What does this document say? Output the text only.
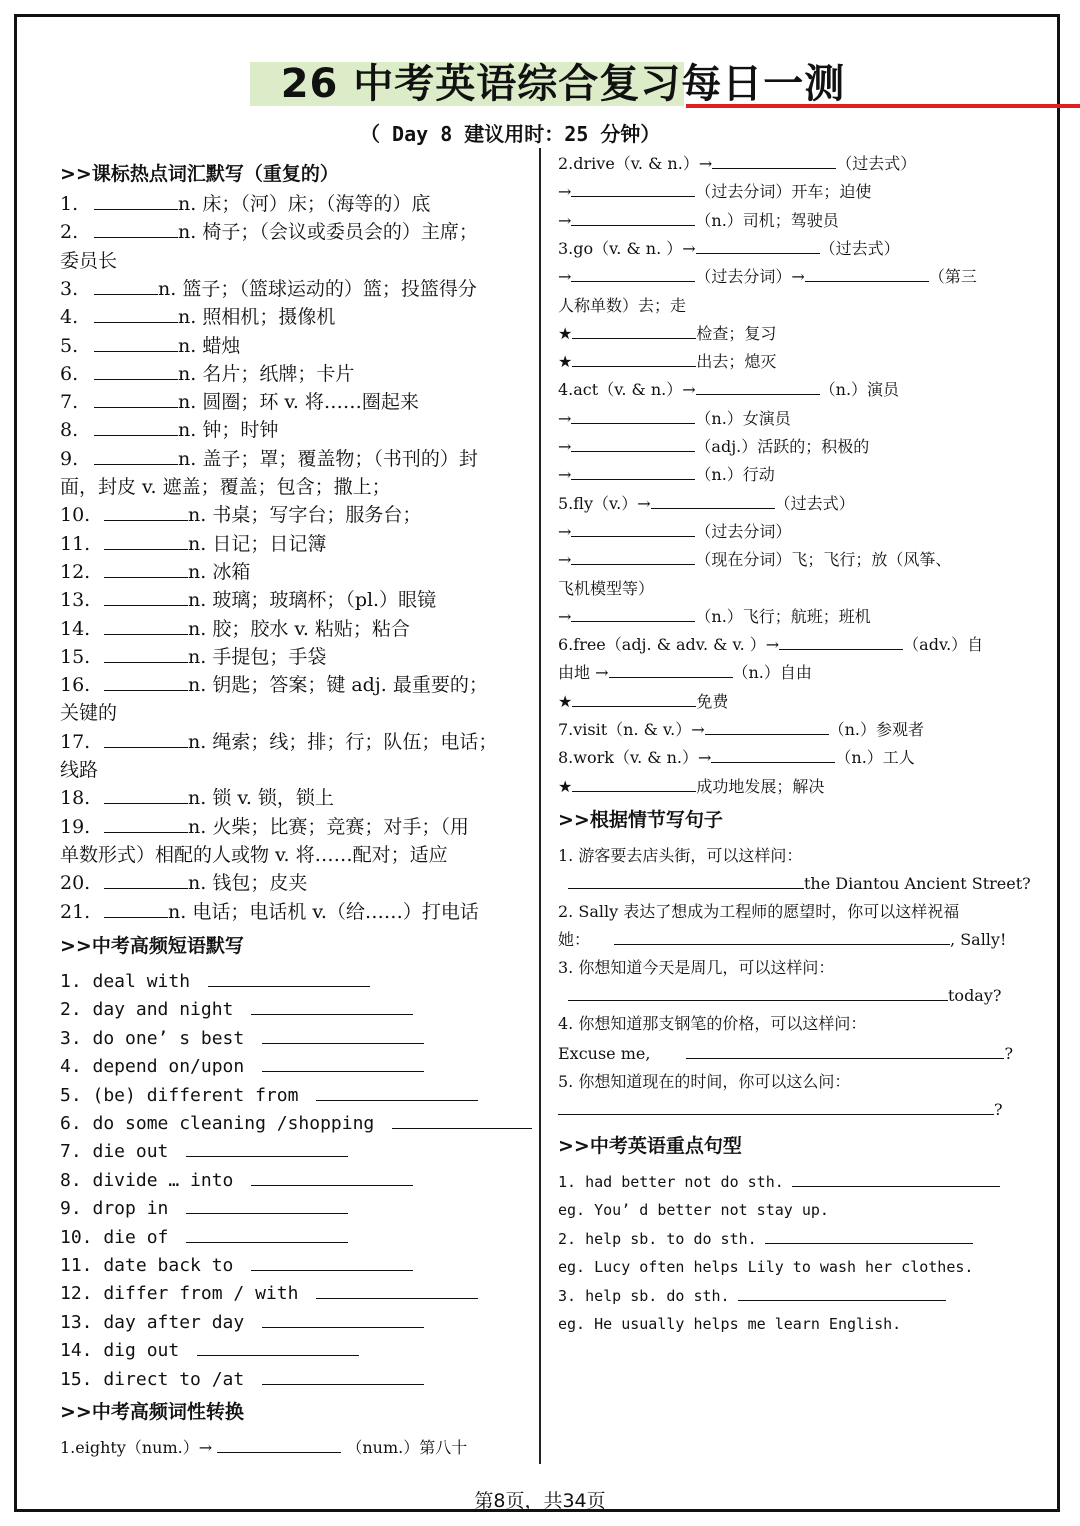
26 中考英语综合复习每日一测
（ Day 8 建议用时：25 分钟）
>>课标热点词汇默写（重复的）
1.	n. 床；（河）床；（海等的）底
2.	n. 椅子；（会议或委员会的）主席；
委员长
3.	n. 篮子；（篮球运动的）篮；投篮得分
4.	n. 照相机；摄像机
5.	n. 蜡烛
6.	n. 名片；纸牌；卡片
7.	n. 圆圈；环 v. 将……圈起来
8.	n. 钟；时钟
9.	n. 盖子；罩；覆盖物；（书刊的）封
面，封皮 v. 遮盖；覆盖；包含；撒上；
10.	n. 书桌；写字台；服务台；
11.	n. 日记；日记簿
12.	n. 冰箱
13.	n. 玻璃；玻璃杯；（pl.）眼镜
14.	n. 胶；胶水 v. 粘贴；粘合
15.	n. 手提包；手袋
16.	n. 钥匙；答案；键 adj. 最重要的；
关键的
17.	n. 绳索；线；排；行；队伍；电话；
线路
18.	n. 锁 v. 锁，锁上
19.	n. 火柴；比赛；竞赛；对手；（用
单数形式）相配的人或物 v. 将……配对；适应
20.	n. 钱包；皮夹
21.	n. 电话；电话机 v.（给……）打电话
>>中考高频短语默写
1. deal with
2. day and night
3. do one’ s best
4. depend on/upon
5. (be) different from
6. do some cleaning /shopping
7. die out
8. divide … into
9. drop in
10. die of
11. date back to
12. differ from / with
13. day after day
14. dig out
15. direct to /at
>>中考高频词性转换
1.eighty（num.）→	（num.）第八十
2.drive（v. & n.）→	（过去式）
→	（过去分词）开车；迫使
→	（n.）司机；驾驶员
3.go（v. & n. ）→	（过去式）
→	（过去分词）→	（第三
人称单数）去；走
★	检查；复习
★	出去；熄灭
4.act（v. & n.）→	（n.）演员
→	（n.）女演员
→	（adj.）活跃的；积极的
→	（n.）行动
5.fly（v.）→	（过去式）
→	（过去分词）
→	（现在分词）飞；飞行；放（风筝、
飞机模型等）
→	（n.）飞行；航班；班机
6.free（adj. & adv. & v. ）→	（adv.）自
由地 →	（n.）自由
★	免费
7.visit（n. & v.）→	（n.）参观者
8.work（v. & n.）→	（n.）工人
★	成功地发展；解决
>>根据情节写句子
1. 游客要去店头街，可以这样问：
the Diantou Ancient Street?
2. Sally 表达了想成为工程师的愿望时，你可以这样祝福
她：	, Sally!
3. 你想知道今天是周几，可以这样问：
today?
4. 你想知道那支钢笔的价格，可以这样问：
Excuse me,	?
5. 你想知道现在的时间，你可以这么问：
?
>>中考英语重点句型
1. had better not do sth.
eg. You’ d better not stay up.
2. help sb. to do sth.
eg. Lucy often helps Lily to wash her clothes.
3. help sb. do sth.
eg. He usually helps me learn English.
第8页，共34页
